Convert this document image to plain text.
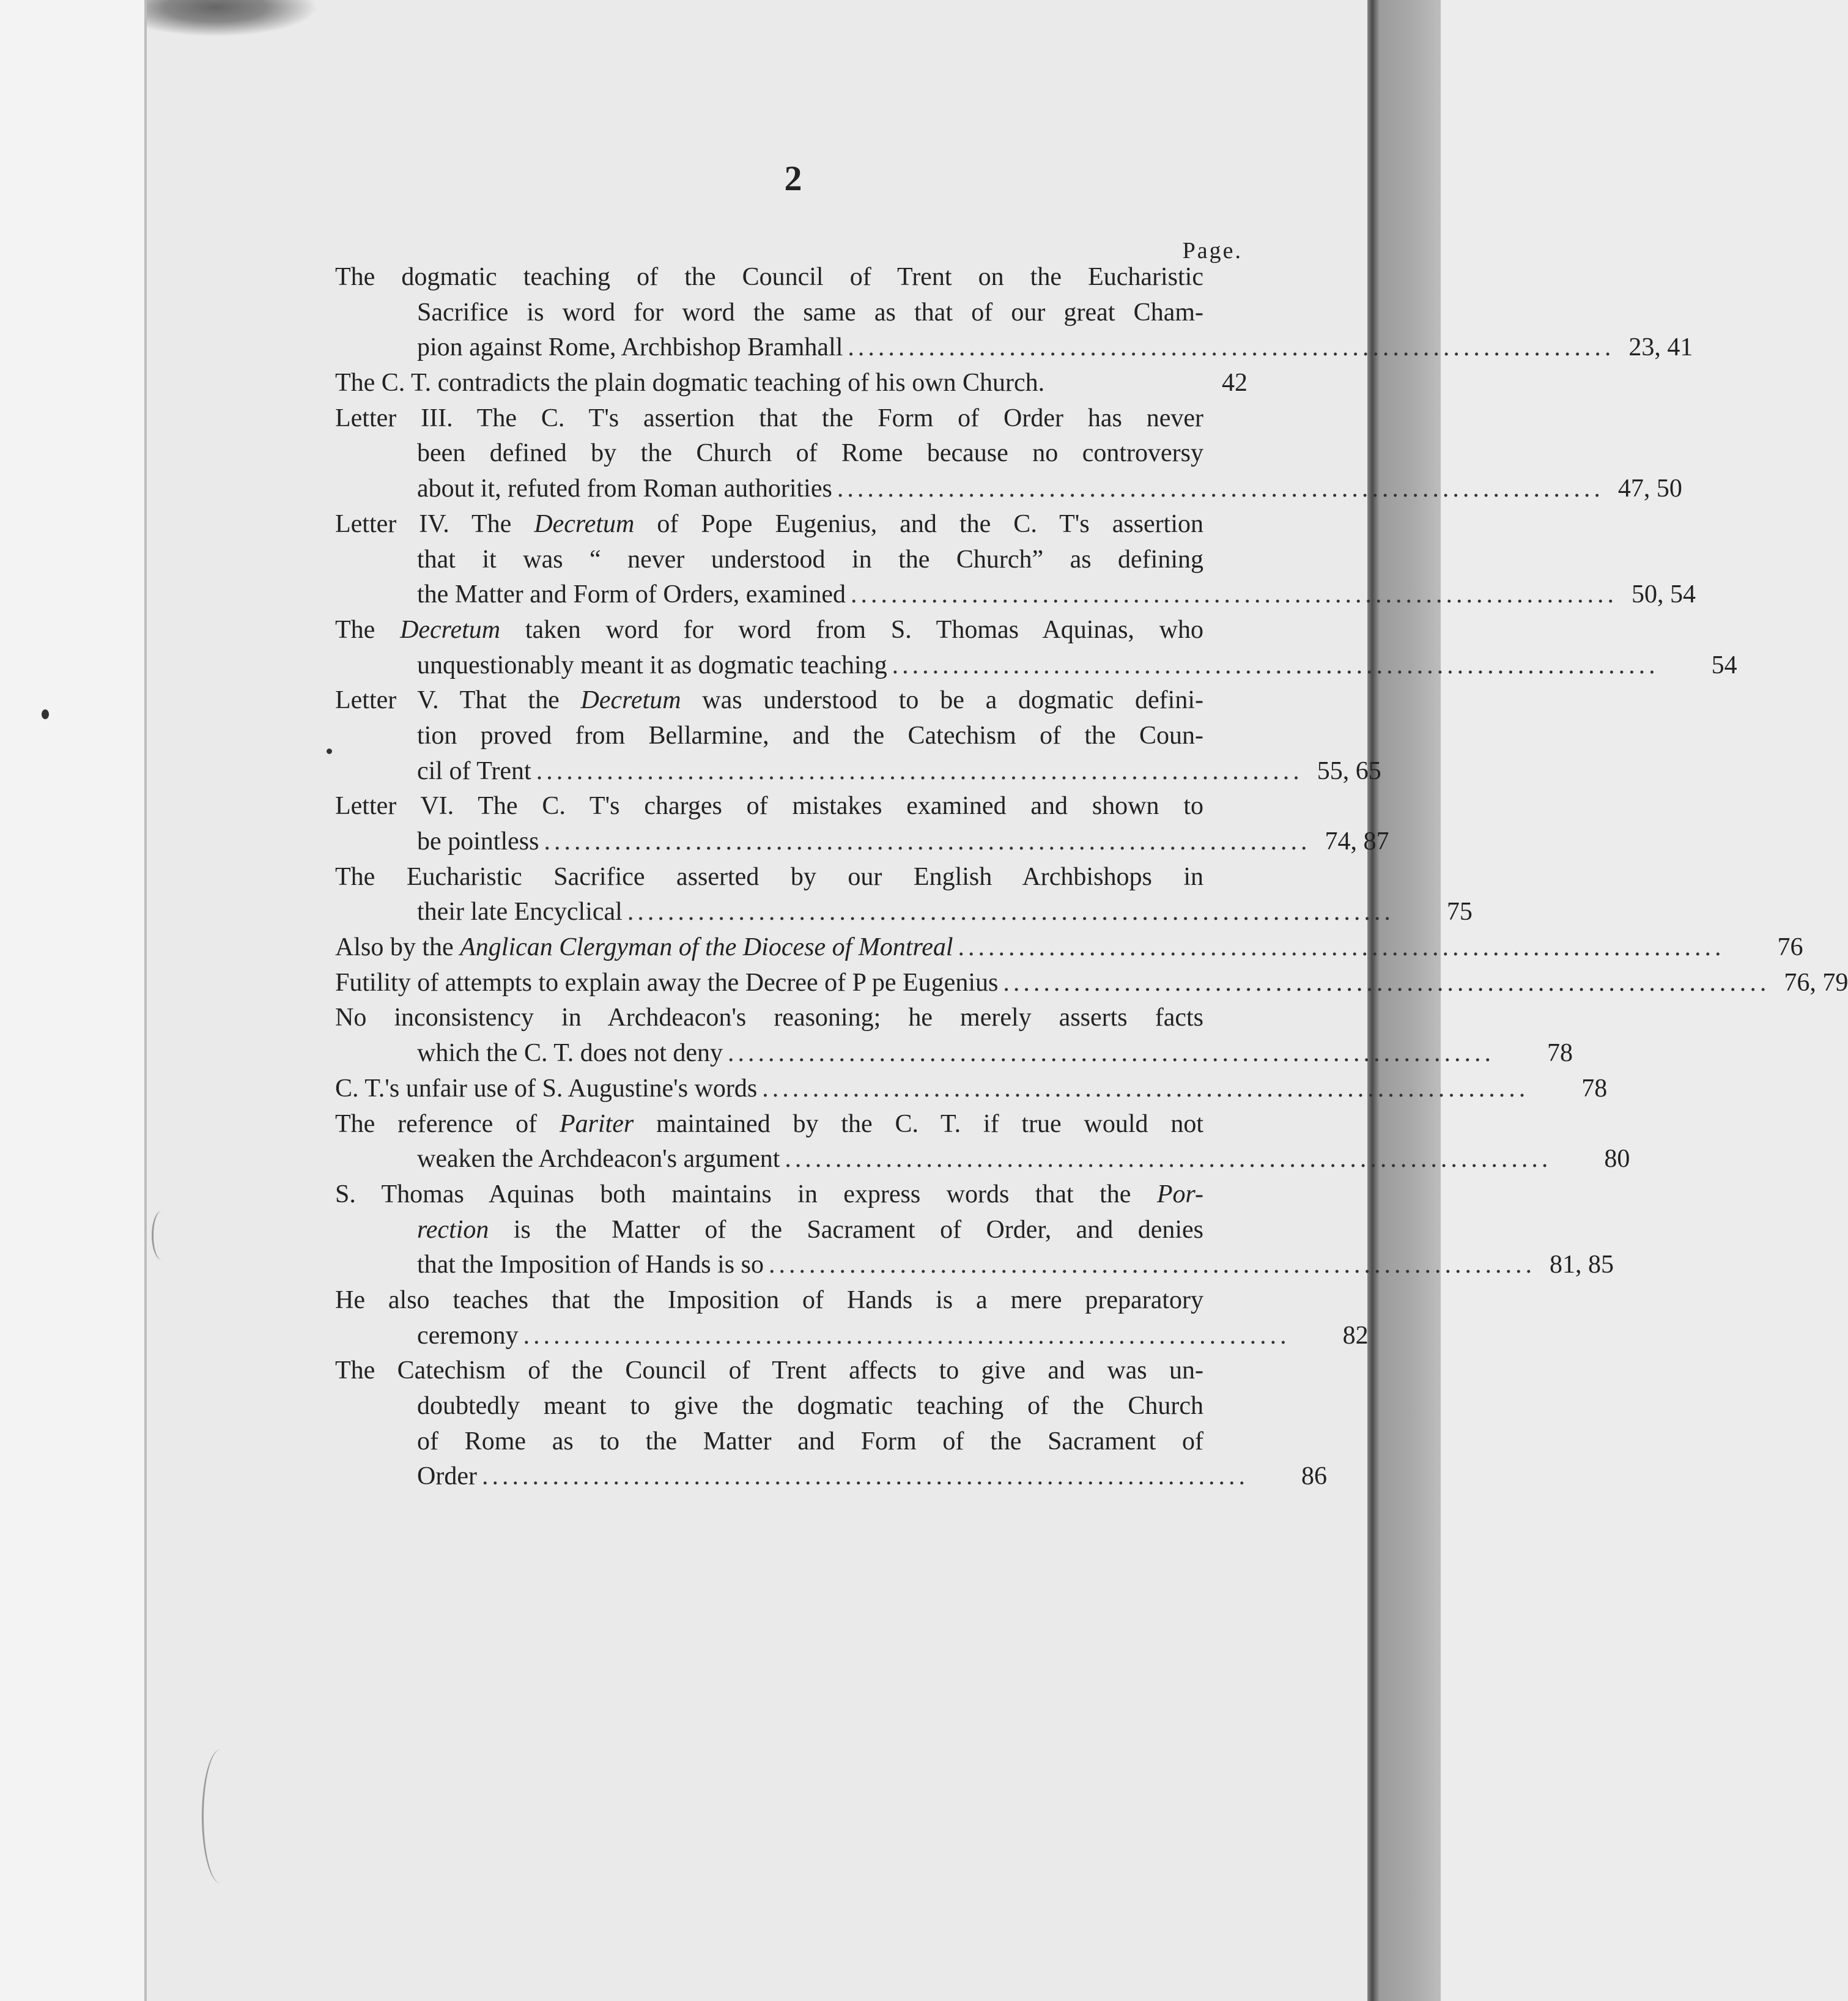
2
Page.
The dogmatic teaching of the Council of Trent on the Eucharistic
Sacrifice is word for word the same as that of our great Cham-
pion against Rome, Archbishop Bramhall ............................................................................ 23, 41
The C. T. contradicts the plain dogmatic teaching of his own Church.	42
Letter III. The C. T's assertion that the Form of Order has never
been defined by the Church of Rome because no controversy
about it, refuted from Roman authorities ............................................................................ 47, 50
Letter IV. The Decretum of Pope Eugenius, and the C. T's assertion
that it was “ never understood in the Church” as defining
the Matter and Form of Orders, examined ............................................................................ 50, 54
The Decretum taken word for word from S. Thomas Aquinas, who
unquestionably meant it as dogmatic teaching ............................................................................	54
Letter V. That the Decretum was understood to be a dogmatic defini-
tion proved from Bellarmine, and the Catechism of the Coun-
cil of Trent ............................................................................ 55, 65
Letter VI. The C. T's charges of mistakes examined and shown to
be pointless ............................................................................ 74, 87
The Eucharistic Sacrifice asserted by our English Archbishops in
their late Encyclical ............................................................................	75
Also by the Anglican Clergyman of the Diocese of Montreal ............................................................................	76
Futility of attempts to explain away the Decree of P pe Eugenius ............................................................................ 76, 79
No inconsistency in Archdeacon's reasoning; he merely asserts facts
which the C. T. does not deny ............................................................................	78
C. T.'s unfair use of S. Augustine's words ............................................................................	78
The reference of Pariter maintained by the C. T. if true would not
weaken the Archdeacon's argument ............................................................................	80
S. Thomas Aquinas both maintains in express words that the Por-
rection is the Matter of the Sacrament of Order, and denies
that the Imposition of Hands is so ............................................................................ 81, 85
He also teaches that the Imposition of Hands is a mere preparatory
ceremony ............................................................................	82
The Catechism of the Council of Trent affects to give and was un-
doubtedly meant to give the dogmatic teaching of the Church
of Rome as to the Matter and Form of the Sacrament of
Order ............................................................................	86
